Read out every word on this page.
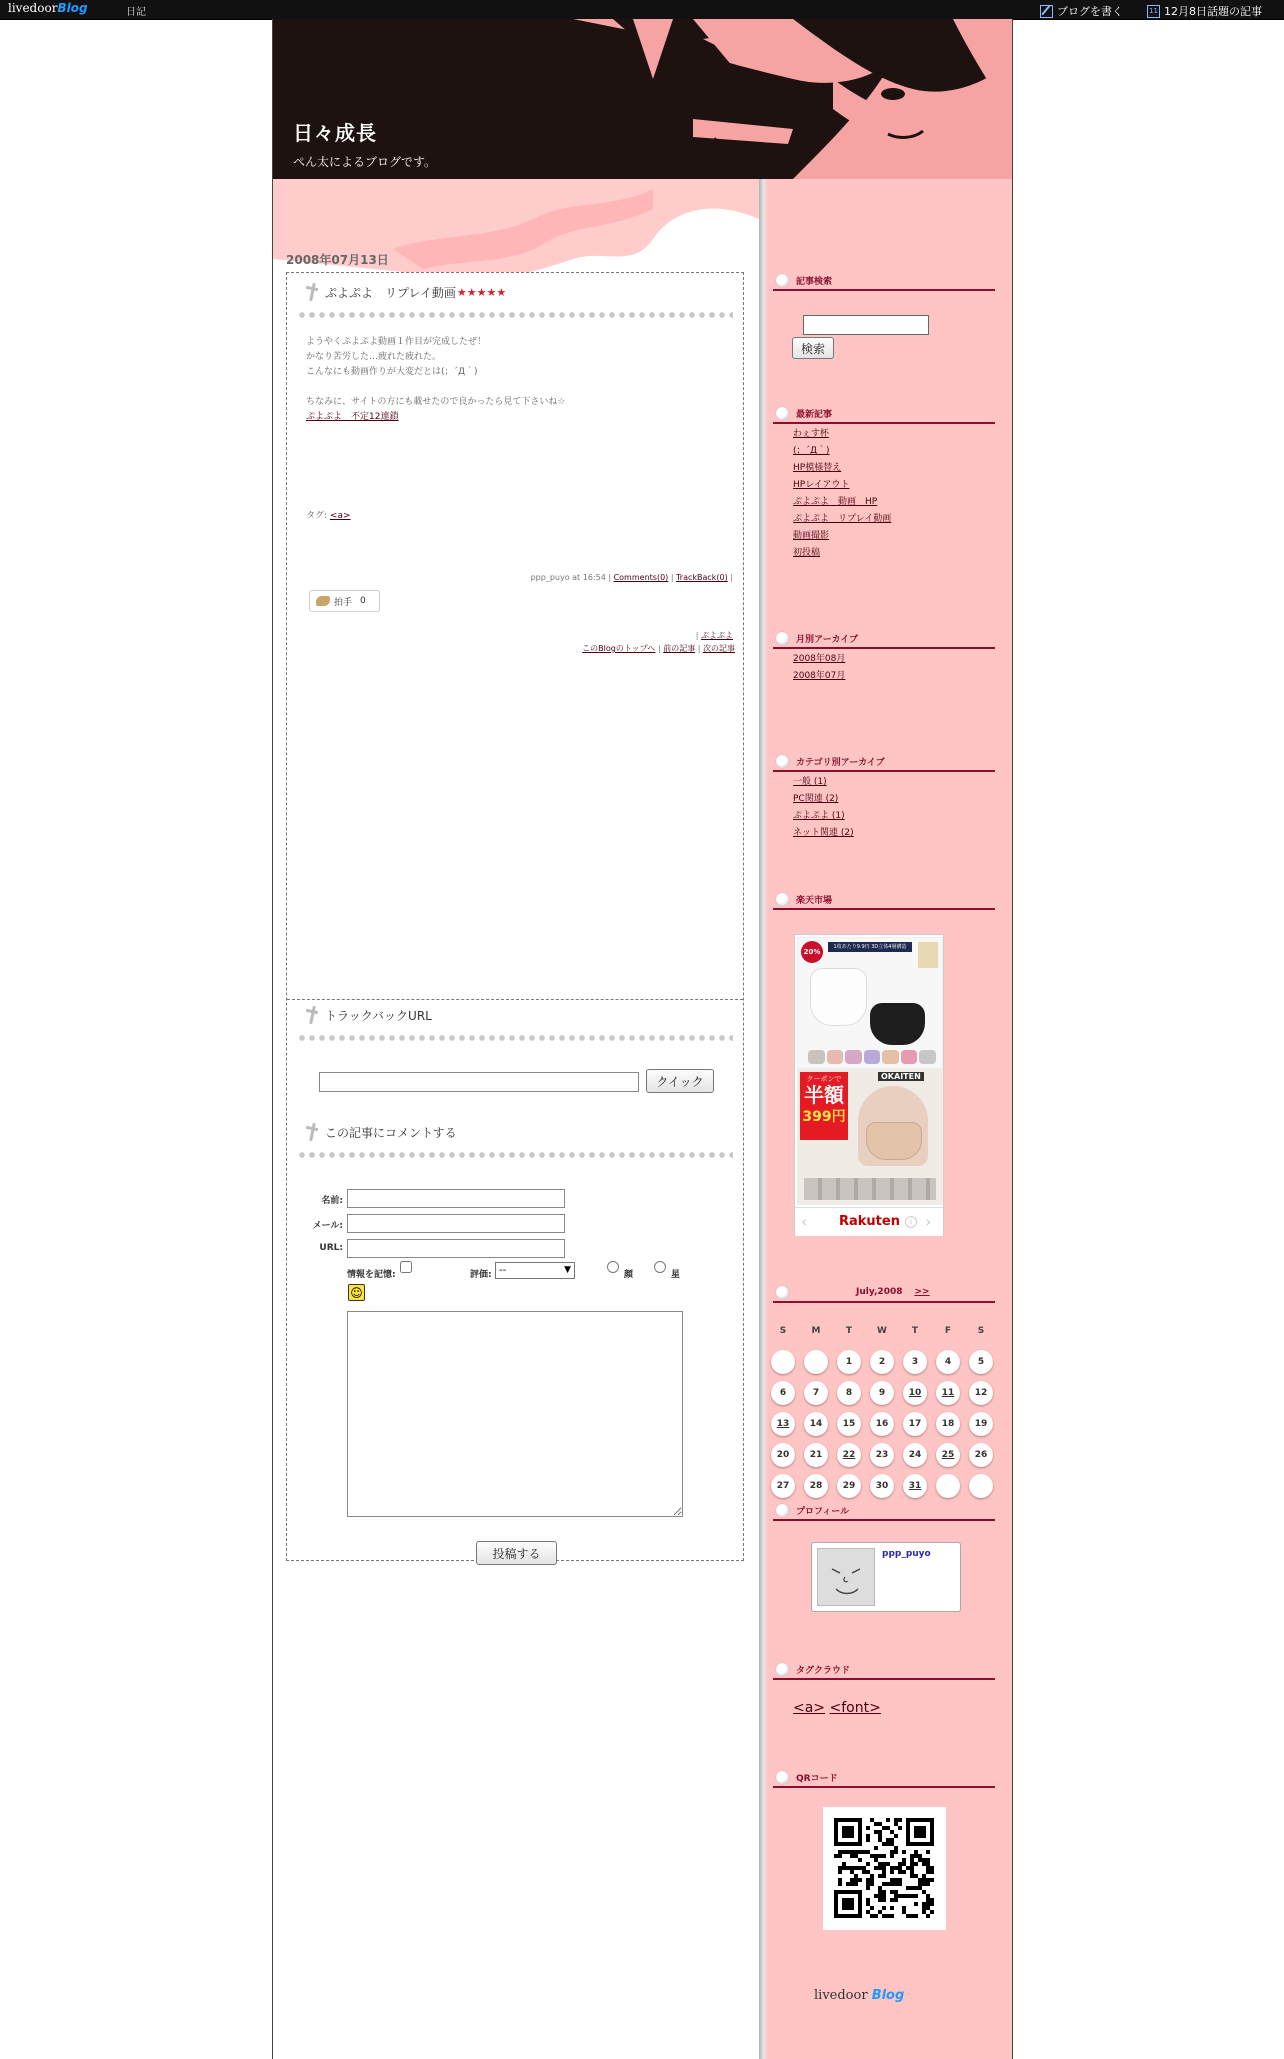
livedoorBlog	日記	ブログを書く
11	12月8日話題の記事
日々成長
ぺん太によるブログです。
2008年07月13日
ぷよぷよ　リプレイ動画 ★★★★★
ようやくぷよぷよ動画１作目が完成したぜ！
かなり苦労した…疲れた疲れた。
こんなにも動画作りが大変だとは(；´Д｀)
ちなみに、サイトの方にも載せたので良かったら見て下さいね☆
ぷよぷよ　不定12連鎖
タグ: <a>
ppp_puyo at 16:54 | Comments(0) | TrackBack(0) |
拍手 0
| ぷよぷよ
このBlogのトップへ | 前の記事 | 次の記事
トラックバックURL
クイック
この記事にコメントする
名前:
メール:
URL:
情報を記憶:	評価: --	▼	顔	星
☺
投稿する
記事検索
検索
最新記事
わぇす杯
(；´Д｀)
HP模様替え
HPレイアウト
ぷよぷよ　動画　HP
ぷよぷよ　リプレイ動画
動画撮影
初投稿
月別アーカイブ
2008年08月
2008年07月
カテゴリ別アーカイブ
一般 (1)
PC関連 (2)
ぷよぷよ (1)
ネット関連 (2)
楽天市場
20%
1枚あたり9.9円 3D立体4層構造
クーポンで
半額
399円
OKAITEN
‹ Rakuten	i ›
July,2008 >>
S	M	T	W	T	F	S
1	2	3	4	5
6	7	8	9	10	11	12
13	14	15	16	17	18	19
20	21	22	23	24	25	26
27	28	29	30	31
プロフィール
ppp_puyo
タグクラウド
<a> <font>
QRコード
livedoor Blog
